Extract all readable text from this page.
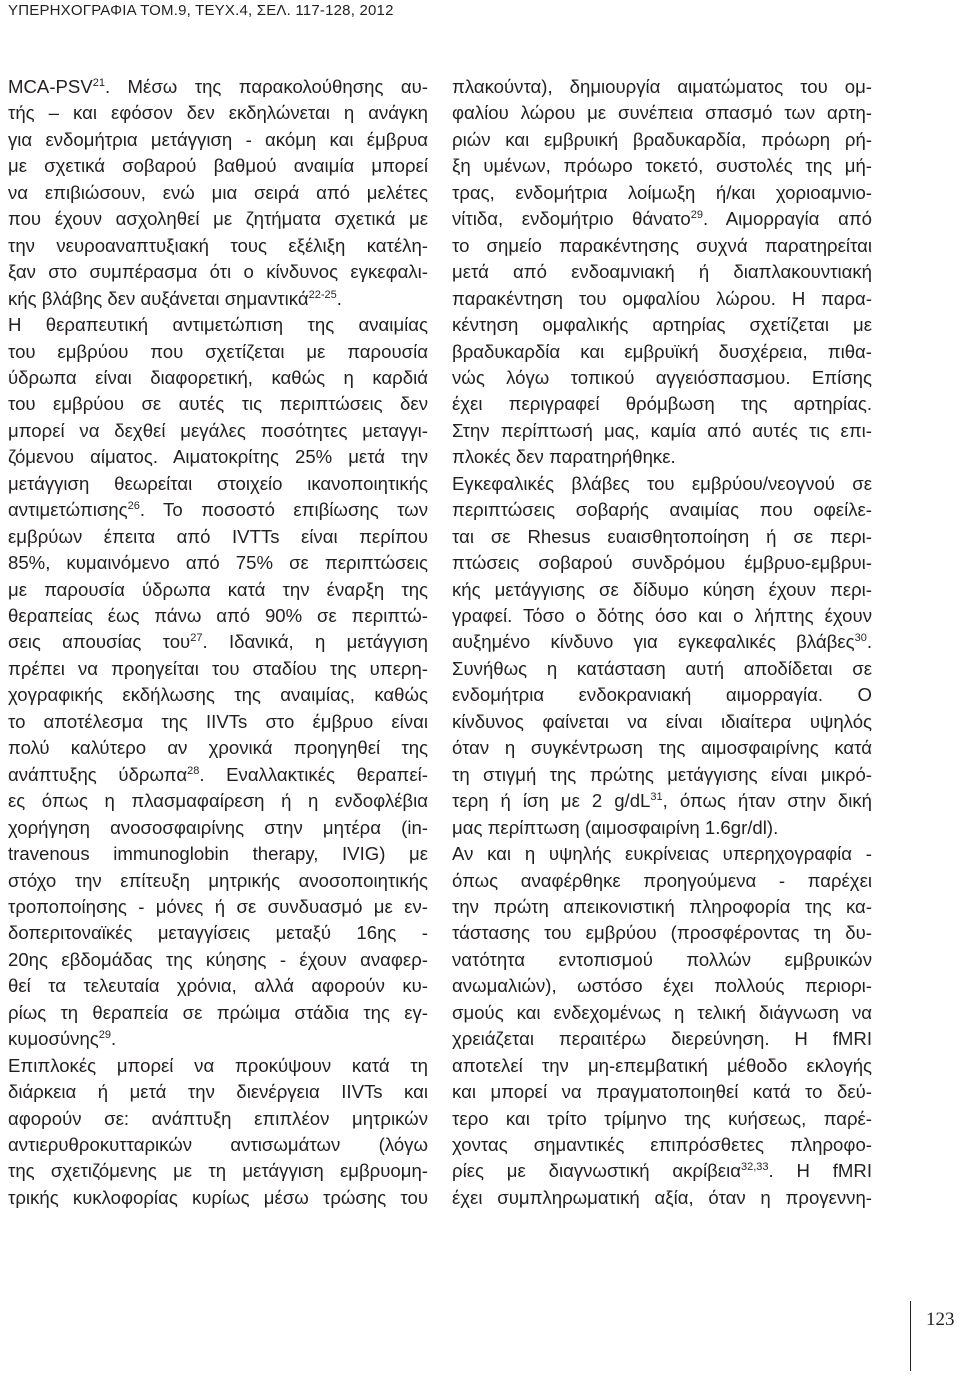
ΥΠΕΡΗΧΟΓΡΑΦΙΑ ΤΟΜ.9, ΤΕΥΧ.4, ΣΕΛ. 117-128, 2012
MCA-PSV$^{21}$. Μέσω της παρακολούθησης αυ-
τής – και εφόσον δεν εκδηλώνεται η ανάγκη
για ενδομήτρια μετάγγιση - ακόμη και έμβρυα
με σχετικά σοβαρού βαθμού αναιμία μπορεί
να επιβιώσουν, ενώ μια σειρά από μελέτες
που έχουν ασχοληθεί με ζητήματα σχετικά με
την νευροαναπτυξιακή τους εξέλιξη κατέλη-
ξαν στο συμπέρασμα ότι ο κίνδυνος εγκεφαλι-
κής βλάβης δεν αυξάνεται σημαντικά$^{22-25}$.
Η θεραπευτική αντιμετώπιση της αναιμίας
του εμβρύου που σχετίζεται με παρουσία
ύδρωπα είναι διαφορετική, καθώς η καρδιά
του εμβρύου σε αυτές τις περιπτώσεις δεν
μπορεί να δεχθεί μεγάλες ποσότητες μεταγγι-
ζόμενου αίματος. Αιματοκρίτης 25% μετά την
μετάγγιση θεωρείται στοιχείο ικανοποιητικής
αντιμετώπισης$^{26}$. Το ποσοστό επιβίωσης των
εμβρύων έπειτα από IVTTs είναι περίπου
85%, κυμαινόμενο από 75% σε περιπτώσεις
με παρουσία ύδρωπα κατά την έναρξη της
θεραπείας έως πάνω από 90% σε περιπτώ-
σεις απουσίας του$^{27}$. Ιδανικά, η μετάγγιση
πρέπει να προηγείται του σταδίου της υπερη-
χογραφικής εκδήλωσης της αναιμίας, καθώς
το αποτέλεσμα της IIVTs στο έμβρυο είναι
πολύ καλύτερο αν χρονικά προηγηθεί της
ανάπτυξης ύδρωπα$^{28}$. Εναλλακτικές θεραπεί-
ες όπως η πλασμαφαίρεση ή η ενδοφλέβια
χορήγηση ανοσοσφαιρίνης στην μητέρα (in-
travenous immunoglobin therapy, IVIG) με
στόχο την επίτευξη μητρικής ανοσοποιητικής
τροποποίησης - μόνες ή σε συνδυασμό με εν-
δοπεριτοναϊκές μεταγγίσεις μεταξύ 16ης -
20ης εβδομάδας της κύησης - έχουν αναφερ-
θεί τα τελευταία χρόνια, αλλά αφορούν κυ-
ρίως τη θεραπεία σε πρώιμα στάδια της εγ-
κυμοσύνης$^{29}$.
Επιπλοκές μπορεί να προκύψουν κατά τη
διάρκεια ή μετά την διενέργεια IIVTs και
αφορούν σε: ανάπτυξη επιπλέον μητρικών
αντιερυθροκυτταρικών αντισωμάτων (λόγω
της σχετιζόμενης με τη μετάγγιση εμβρυομη-
τρικής κυκλοφορίας κυρίως μέσω τρώσης του
πλακούντα), δημιουργία αιματώματος του ομ-
φαλίου λώρου με συνέπεια σπασμό των αρτη-
ριών και εμβρυική βραδυκαρδία, πρόωρη ρή-
ξη υμένων, πρόωρο τοκετό, συστολές της μή-
τρας, ενδομήτρια λοίμωξη ή/και χοριοαμνιο-
νίτιδα, ενδομήτριο θάνατο$^{29}$. Αιμορραγία από
το σημείο παρακέντησης συχνά παρατηρείται
μετά από ενδοαμνιακή ή διαπλακουντιακή
παρακέντηση του ομφαλίου λώρου. Η παρα-
κέντηση ομφαλικής αρτηρίας σχετίζεται με
βραδυκαρδία και εμβρυϊκή δυσχέρεια, πιθα-
νώς λόγω τοπικού αγγειόσπασμου. Επίσης
έχει περιγραφεί θρόμβωση της αρτηρίας.
Στην περίπτωσή μας, καμία από αυτές τις επι-
πλοκές δεν παρατηρήθηκε.
Εγκεφαλικές βλάβες του εμβρύου/νεογνού σε
περιπτώσεις σοβαρής αναιμίας που οφείλε-
ται σε Rhesus ευαισθητοποίηση ή σε περι-
πτώσεις σοβαρού συνδρόμου έμβρυο-εμβρυι-
κής μετάγγισης σε δίδυμο κύηση έχουν περι-
γραφεί. Τόσο ο δότης όσο και ο λήπτης έχουν
αυξημένο κίνδυνο για εγκεφαλικές βλάβες$^{30}$.
Συνήθως η κατάσταση αυτή αποδίδεται σε
ενδομήτρια ενδοκρανιακή αιμορραγία. Ο
κίνδυνος φαίνεται να είναι ιδιαίτερα υψηλός
όταν η συγκέντρωση της αιμοσφαιρίνης κατά
τη στιγμή της πρώτης μετάγγισης είναι μικρό-
τερη ή ίση με 2 $g/dL^{31}$, όπως ήταν στην δική
μας περίπτωση (αιμοσφαιρίνη 1.6gr/dl).
Αν και η υψηλής ευκρίνειας υπερηχογραφία -
όπως αναφέρθηκε προηγούμενα - παρέχει
την πρώτη απεικονιστική πληροφορία της κα-
τάστασης του εμβρύου (προσφέροντας τη δυ-
νατότητα εντοπισμού πολλών εμβρυικών
ανωμαλιών), ωστόσο έχει πολλούς περιορι-
σμούς και ενδεχομένως η τελική διάγνωση να
χρειάζεται περαιτέρω διερεύνηση. Η fMRI
αποτελεί την μη-επεμβατική μέθοδο εκλογής
και μπορεί να πραγματοποιηθεί κατά το δεύ-
τερο και τρίτο τρίμηνο της κυήσεως, παρέ-
χοντας σημαντικές επιπρόσθετες πληροφο-
ρίες με διαγνωστική ακρίβεια$^{32,33}$. Η fMRI
έχει συμπληρωματική αξία, όταν η προγεννη-
123
